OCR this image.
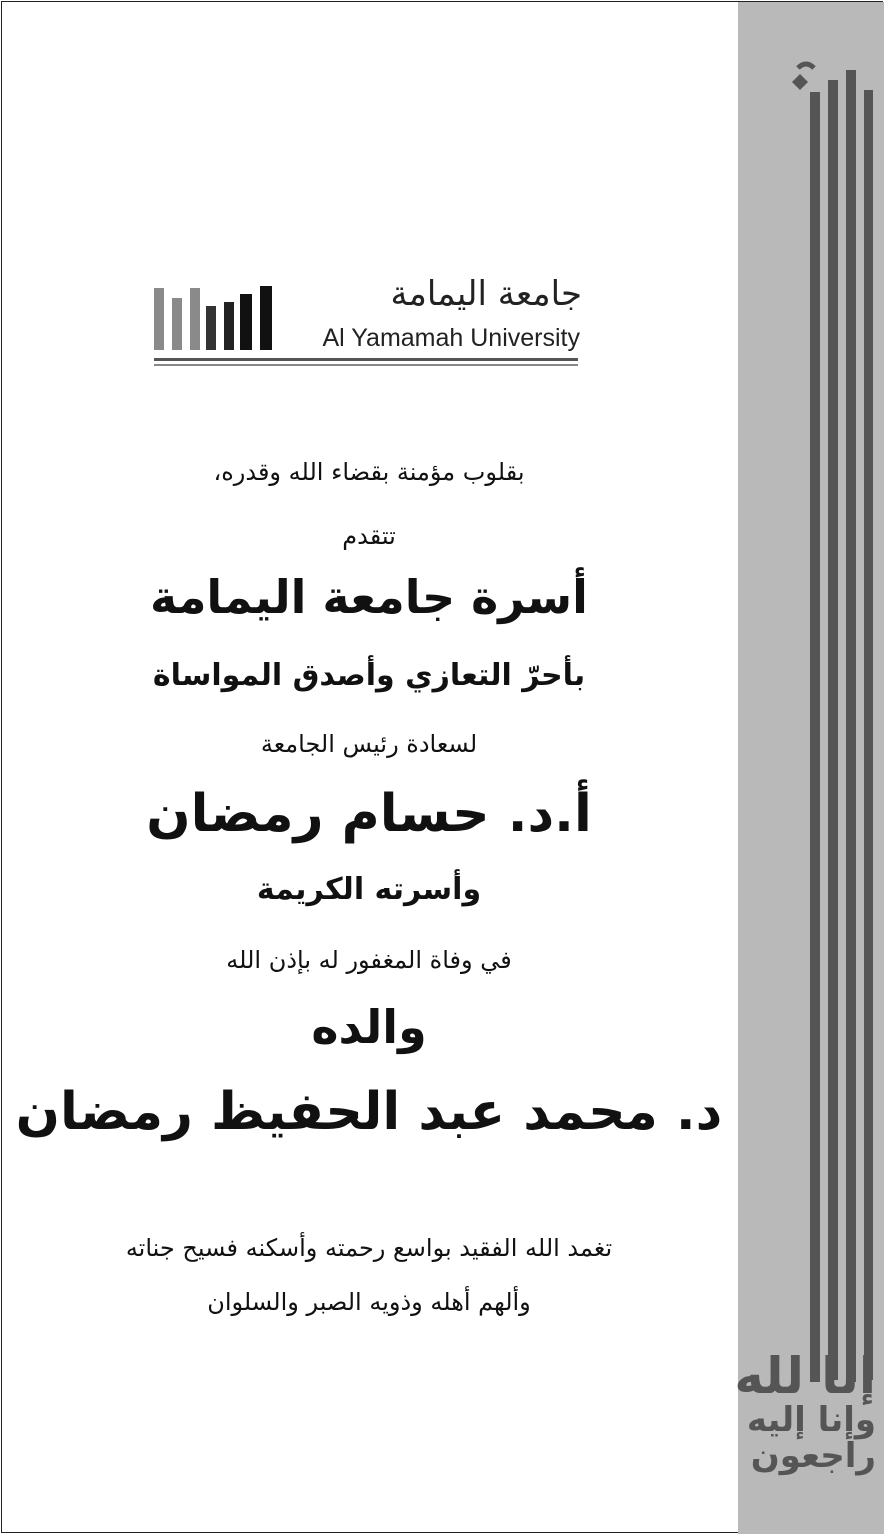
إنا لله
وإنا إليه
راجعون
جامعة اليمامة
Al Yamamah University
بقلوب مؤمنة بقضاء الله وقدره،
تتقدم
أسرة جامعة اليمامة
بأحرّ التعازي وأصدق المواساة
لسعادة رئيس الجامعة
أ.د. حسام رمضان
وأسرته الكريمة
في وفاة المغفور له بإذن الله
والده
د. محمد عبد الحفيظ رمضان
تغمد الله الفقيد بواسع رحمته وأسكنه فسيح جناته
وألهم أهله وذويه الصبر والسلوان
